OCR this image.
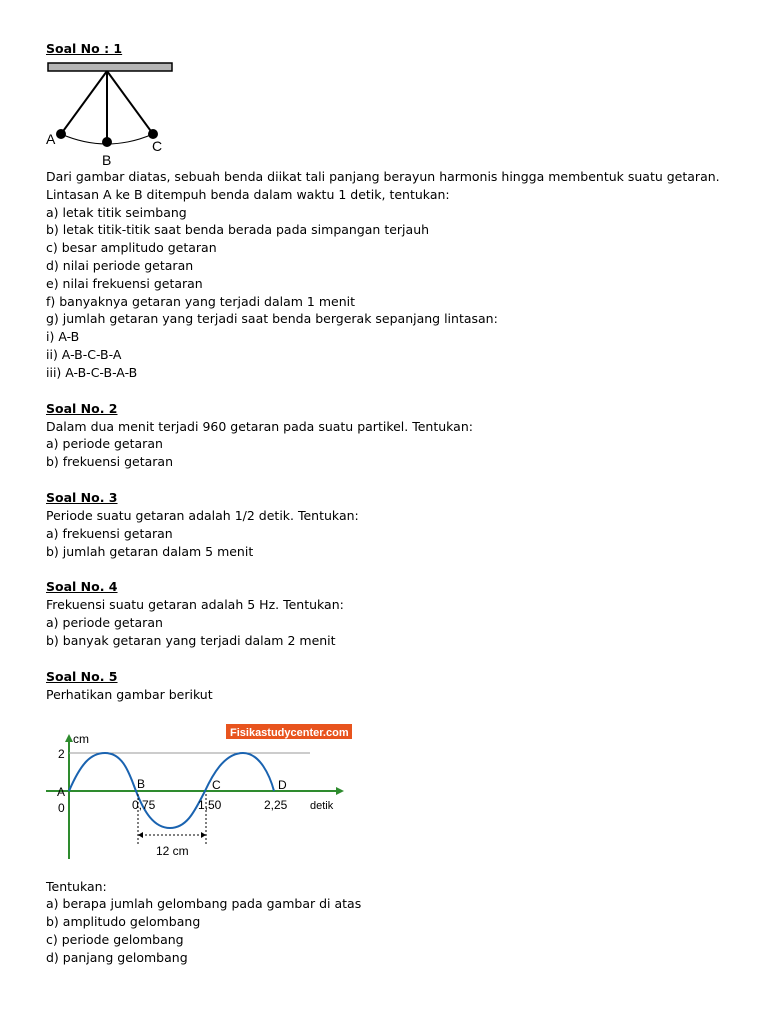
Soal No : 1
A
B
C
Dari gambar diatas, sebuah benda diikat tali panjang berayun harmonis hingga membentuk suatu getaran.
Lintasan A ke B ditempuh benda dalam waktu 1 detik, tentukan:
a) letak titik seimbang
b) letak titik-titik saat benda berada pada simpangan terjauh
c) besar amplitudo getaran
d) nilai periode getaran
e) nilai frekuensi getaran
f) banyaknya getaran yang terjadi dalam 1 menit
g) jumlah getaran yang terjadi saat benda bergerak sepanjang lintasan:
i) A-B
ii) A-B-C-B-A
iii) A-B-C-B-A-B
Soal No. 2
Dalam dua menit terjadi 960 getaran pada suatu partikel. Tentukan:
a) periode getaran
b) frekuensi getaran
Soal No. 3
Periode suatu getaran adalah 1/2 detik. Tentukan:
a) frekuensi getaran
b) jumlah getaran dalam 5 menit
Soal No. 4
Frekuensi suatu getaran adalah 5 Hz. Tentukan:
a) periode getaran
b) banyak getaran yang terjadi dalam 2 menit
Soal No. 5
Perhatikan gambar berikut
Fisikastudycenter.com
cm
2
A
0
B	C	D
0,75	1,50	2,25 detik
12 cm
Tentukan:
a) berapa jumlah gelombang pada gambar di atas
b) amplitudo gelombang
c) periode gelombang
d) panjang gelombang
